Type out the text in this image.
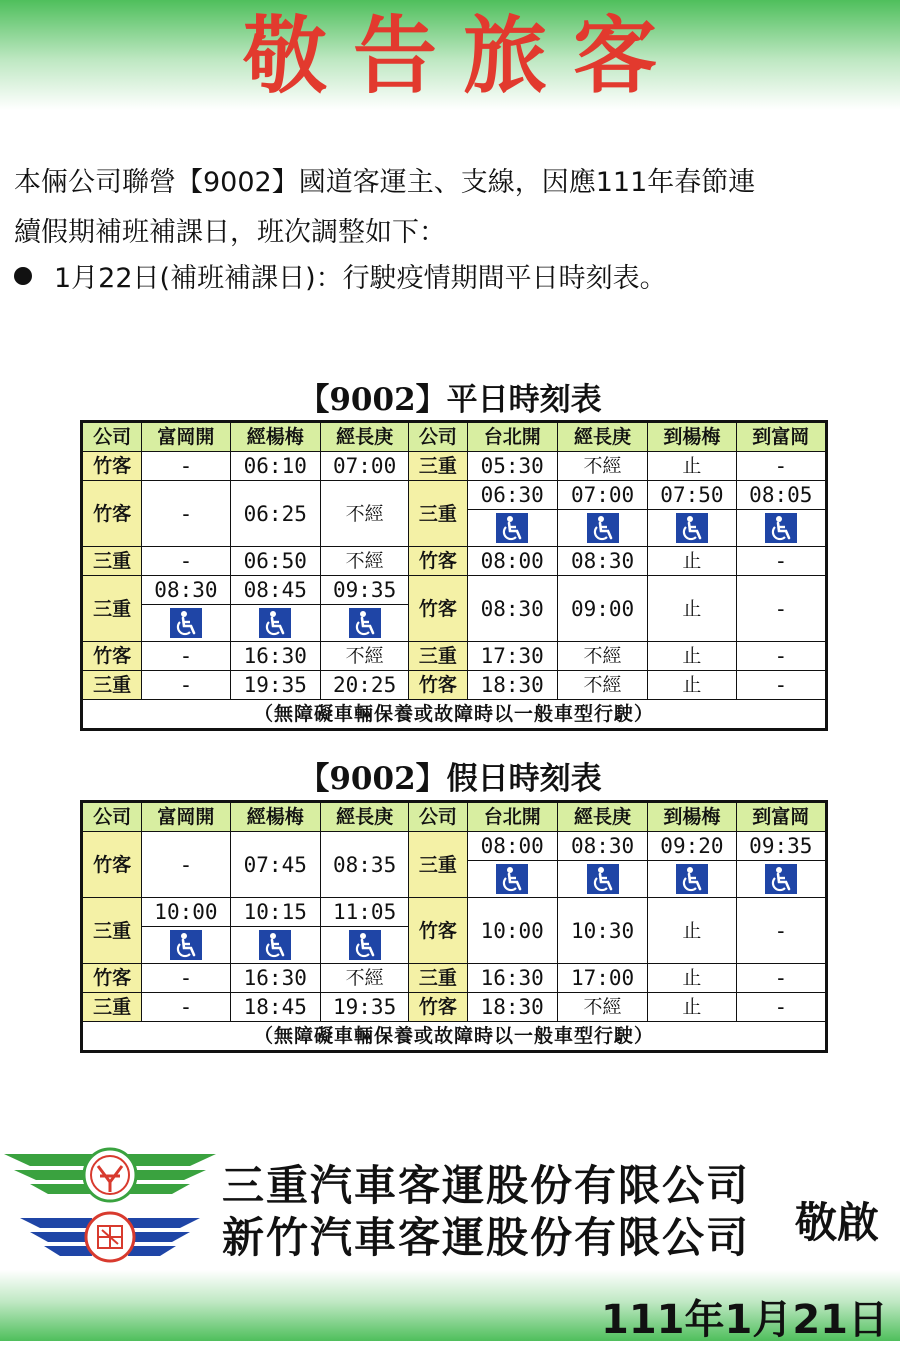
敬告旅客

本倆公司聯營【9002】國道客運主、支線，因應111年春節連

續假期補班補課日，班次調整如下：

1月22日(補班補課日)：行駛疫情期間平日時刻表。
【9002】平日時刻表
公司	富岡開	經楊梅	經長庚	公司	台北開	經長庚	到楊梅	到富岡
竹客	-	06:10	07:00	三重	05:30	不經	止	-
竹客	-	06:25	不經	三重	06:30	07:00	07:50	08:05

三重	-	06:50	不經	竹客	08:00	08:30	止	-
三重	08:30	08:45	09:35	竹客	08:30	09:00	止	-

竹客	-	16:30	不經	三重	17:30	不經	止	-
三重	-	19:35	20:25	竹客	18:30	不經	止	-
（無障礙車輛保養或故障時以一般車型行駛）								
【9002】假日時刻表
公司	富岡開	經楊梅	經長庚	公司	台北開	經長庚	到楊梅	到富岡
竹客	-	07:45	08:35	三重	08:00	08:30	09:20	09:35

三重	10:00	10:15	11:05	竹客	10:00	10:30	止	-

竹客	-	16:30	不經	三重	16:30	17:00	止	-
三重	-	18:45	19:35	竹客	18:30	不經	止	-
（無障礙車輛保養或故障時以一般車型行駛）								
三重汽車客運股份有限公司
新竹汽車客運股份有限公司 敬啟
111年1月21日
